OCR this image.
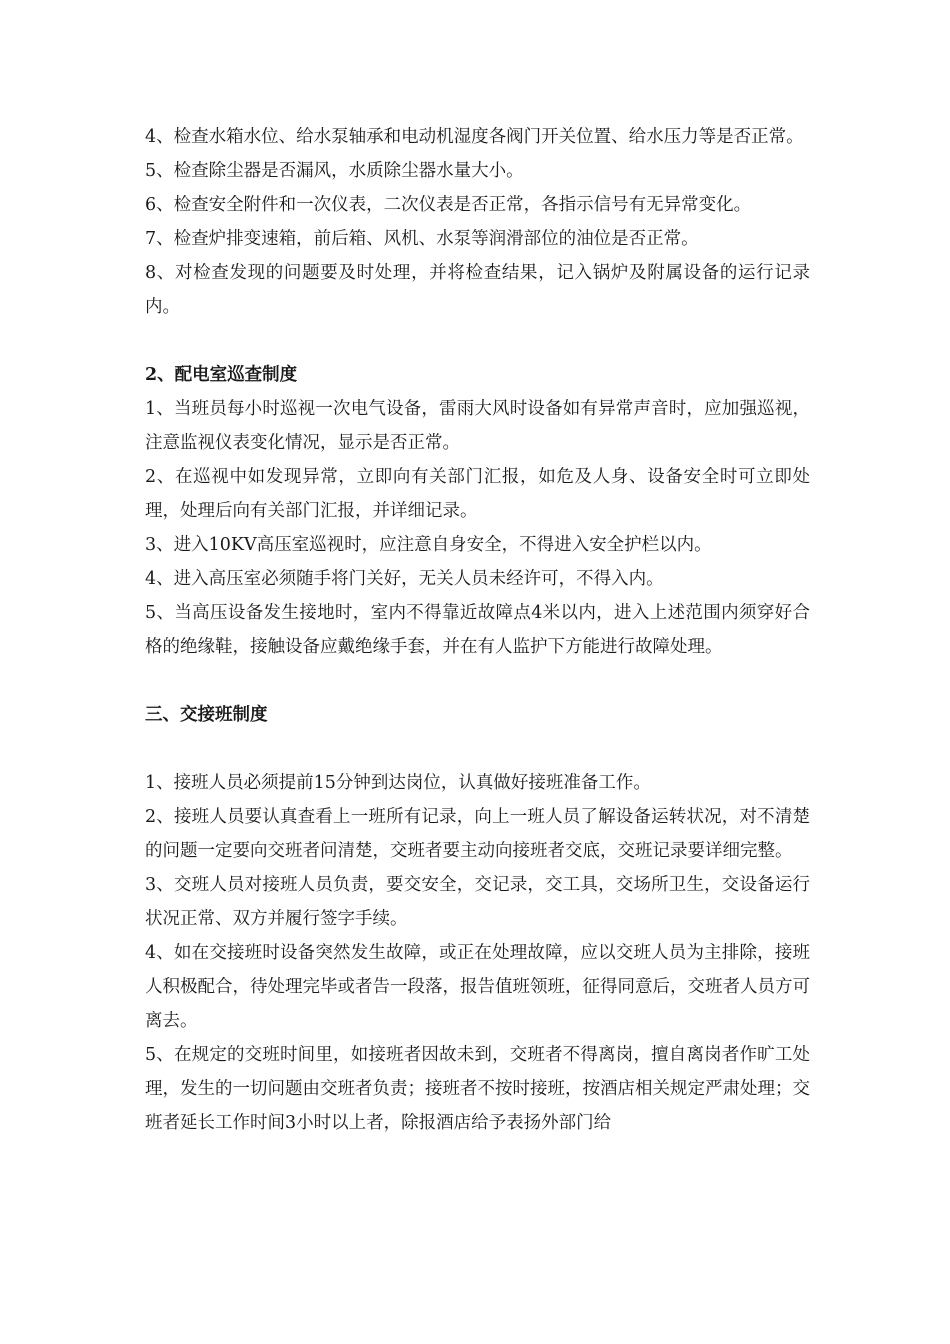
4、检查水箱水位、给水泵轴承和电动机湿度各阀门开关位置、给水压力等是否正常。

5、检查除尘器是否漏风，水质除尘器水量大小。

6、检查安全附件和一次仪表，二次仪表是否正常，各指示信号有无异常变化。

7、检查炉排变速箱，前后箱、风机、水泵等润滑部位的油位是否正常。

8、对检查发现的问题要及时处理，并将检查结果，记入锅炉及附属设备的运行记录内。

2、配电室巡查制度

1、当班员每小时巡视一次电气设备，雷雨大风时设备如有异常声音时，应加强巡视，注意监视仪表变化情况，显示是否正常。

2、在巡视中如发现异常，立即向有关部门汇报，如危及人身、设备安全时可立即处理，处理后向有关部门汇报，并详细记录。

3、进入10KV高压室巡视时，应注意自身安全，不得进入安全护栏以内。

4、进入高压室必须随手将门关好，无关人员未经许可，不得入内。

5、当高压设备发生接地时，室内不得靠近故障点4米以内，进入上述范围内须穿好合格的绝缘鞋，接触设备应戴绝缘手套，并在有人监护下方能进行故障处理。

三、交接班制度

1、接班人员必须提前15分钟到达岗位，认真做好接班准备工作。

2、接班人员要认真查看上一班所有记录，向上一班人员了解设备运转状况，对不清楚的问题一定要向交班者问清楚，交班者要主动向接班者交底，交班记录要详细完整。

3、交班人员对接班人员负责，要交安全，交记录，交工具，交场所卫生，交设备运行状况正常、双方并履行签字手续。

4、如在交接班时设备突然发生故障，或正在处理故障，应以交班人员为主排除，接班人积极配合，待处理完毕或者告一段落，报告值班领班，征得同意后，交班者人员方可离去。

5、在规定的交班时间里，如接班者因故未到，交班者不得离岗，擅自离岗者作旷工处理，发生的一切问题由交班者负责；接班者不按时接班，按酒店相关规定严肃处理；交班者延长工作时间3小时以上者，除报酒店给予表扬外部门给
